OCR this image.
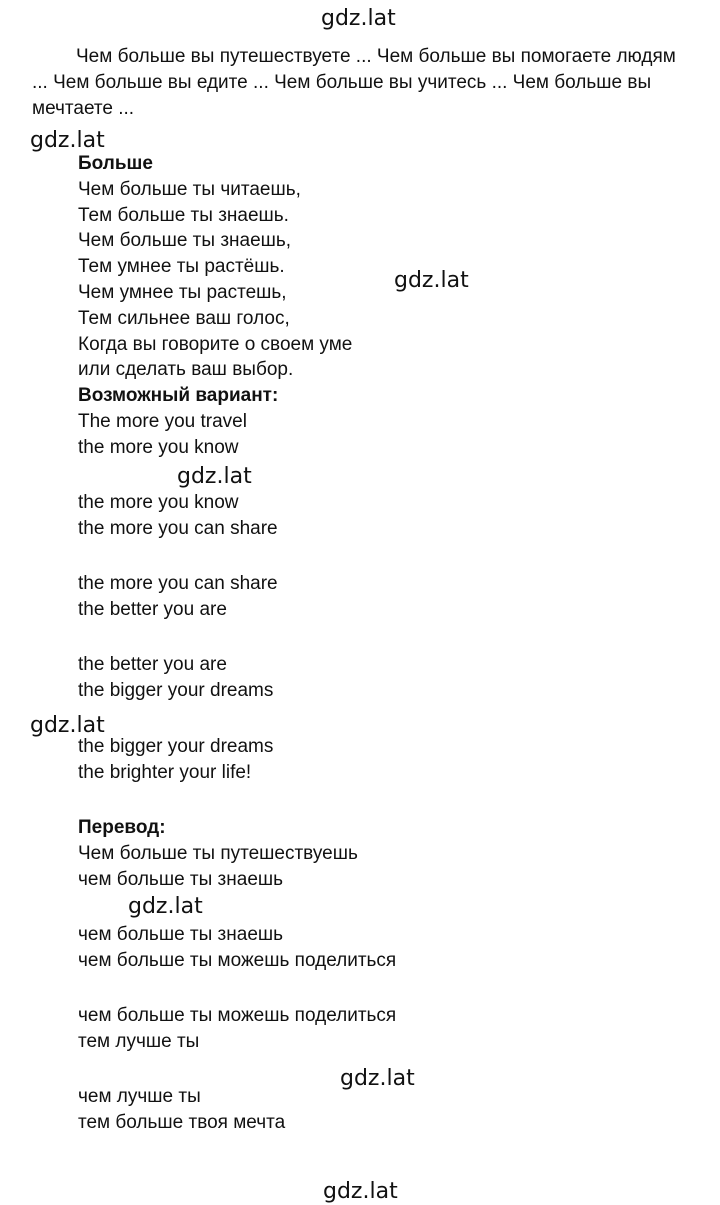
gdz.lat
gdz.lat
gdz.lat
gdz.lat
gdz.lat
gdz.lat
gdz.lat
gdz.lat
Чем больше вы путешествуете ... Чем больше вы помогаете людям ... Чем больше вы едите ... Чем больше вы учитесь ... Чем больше вы мечтаете ...
Больше
Чем больше ты читаешь,
Тем больше ты знаешь.
Чем больше ты знаешь,
Тем умнее ты растёшь.
Чем умнее ты растешь,
Тем сильнее ваш голос,
Когда вы говорите о своем уме
или сделать ваш выбор.
Возможный вариант:
The more you travel
the more you know
the more you know
the more you can share
the more you can share
the better you are
the better you are
the bigger your dreams
the bigger your dreams
the brighter your life!
Перевод:
Чем больше ты путешествуешь
чем больше ты знаешь
чем больше ты знаешь
чем больше ты можешь поделиться
чем больше ты можешь поделиться
тем лучше ты
чем лучше ты
тем больше твоя мечта
